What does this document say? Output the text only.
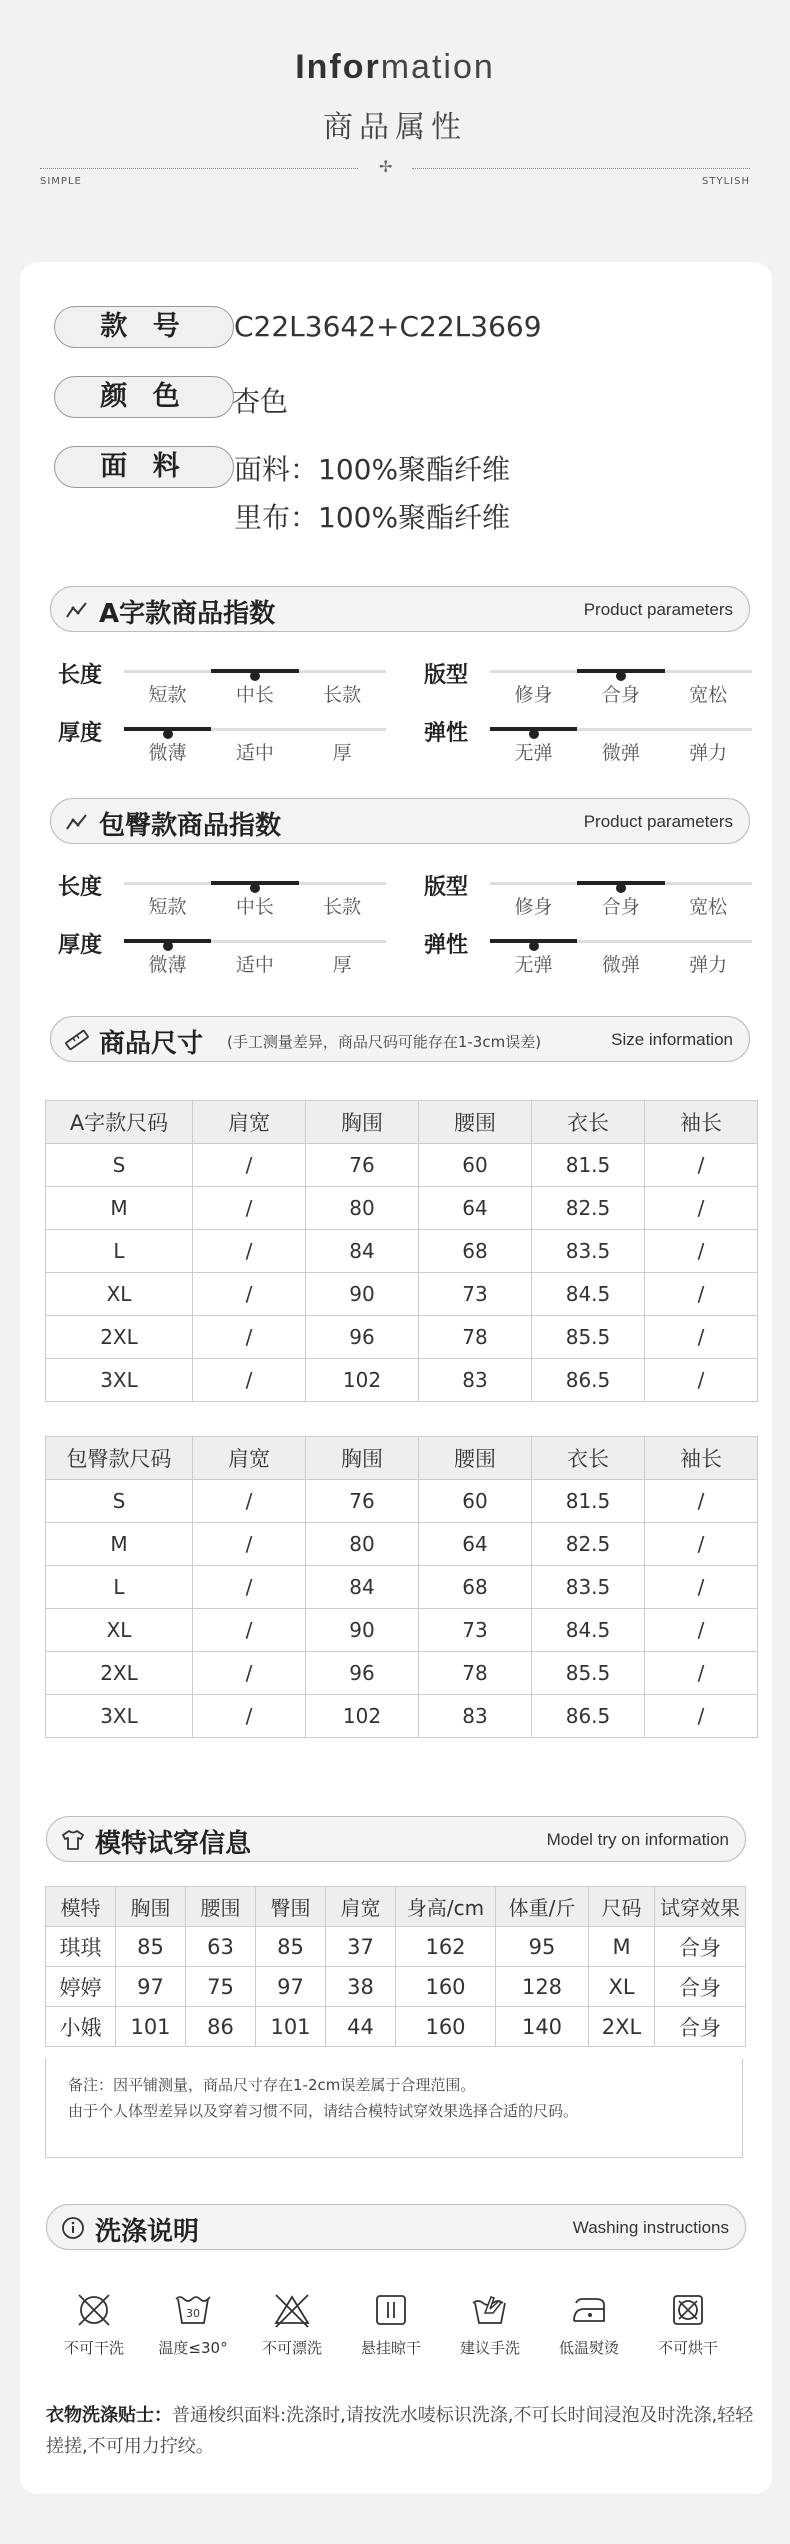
Information
商品属性
✢
SIMPLE	STYLISH
款 号	C22L3642+C22L3669
颜 色	杏色
面 料	面料：100%聚酯纤维
里布：100%聚酯纤维
A字款商品指数	Product parameters
长度
短款	中长	长款
版型
修身	合身	宽松
厚度
微薄	适中	厚
弹性
无弹	微弹	弹力
包臀款商品指数	Product parameters
长度
短款	中长	长款
版型
修身	合身	宽松
厚度
微薄	适中	厚
弹性
无弹	微弹	弹力
商品尺寸 (手工测量差异，商品尺码可能存在1-3cm误差)	Size information
A字款尺码	肩宽	胸围	腰围	衣长	袖长
S	/	76	60	81.5	/
M	/	80	64	82.5	/
L	/	84	68	83.5	/
XL	/	90	73	84.5	/
2XL	/	96	78	85.5	/
3XL	/	102	83	86.5	/
包臀款尺码	肩宽	胸围	腰围	衣长	袖长
S	/	76	60	81.5	/
M	/	80	64	82.5	/
L	/	84	68	83.5	/
XL	/	90	73	84.5	/
2XL	/	96	78	85.5	/
3XL	/	102	83	86.5	/
模特试穿信息	Model try on information
模特	胸围	腰围	臀围	肩宽	身高/cm	体重/斤	尺码	试穿效果
琪琪	85	63	85	37	162	95	M	合身
婷婷	97	75	97	38	160	128	XL	合身
小娥	101	86	101	44	160	140	2XL	合身
备注：因平铺测量，商品尺寸存在1-2cm误差属于合理范围。
由于个人体型差异以及穿着习惯不同，请结合模特试穿效果选择合适的尺码。
洗涤说明	Washing instructions
不可干洗
30
温度≤30°	不可漂洗	悬挂晾干	建议手洗	低温熨烫	不可烘干
衣物洗涤贴士：普通梭织面料:洗涤时,请按洗水唛标识洗涤,不可长时间浸泡及时洗涤,轻轻搓搓,不可用力拧绞。
